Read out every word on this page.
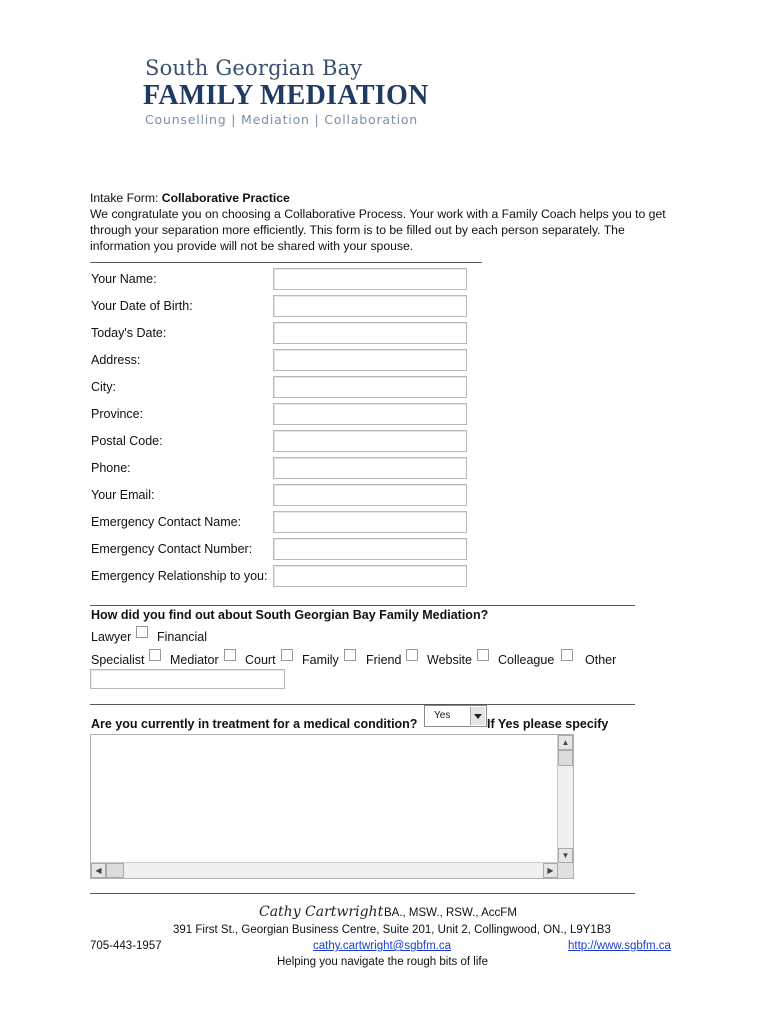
South Georgian Bay
FAMILY MEDIATION
Counselling | Mediation | Collaboration
Intake Form: Collaborative Practice
We congratulate you on choosing a Collaborative Process. Your work with a Family Coach helps you to get through your separation more efficiently. This form is to be filled out by each person separately. The information you provide will not be shared with your spouse.
Your Name:
Your Date of Birth:
Today's Date:
Address:
City:
Province:
Postal Code:
Phone:
Your Email:
Emergency Contact Name:
Emergency Contact Number:
Emergency Relationship to you:
How did you find out about South Georgian Bay Family Mediation?
Lawyer Financial
Specialist Mediator Court Family Friend Website Colleague Other
Are you currently in treatment for a medical condition?
Yes
If Yes please specify
▲
▼
◀	▶
Cathy Cartwright BA., MSW., RSW., AccFM
391 First St., Georgian Business Centre, Suite 201, Unit 2, Collingwood, ON., L9Y1B3
705-443-1957	cathy.cartwright@sgbfm.ca	http://www.sgbfm.ca
Helping you navigate the rough bits of life
